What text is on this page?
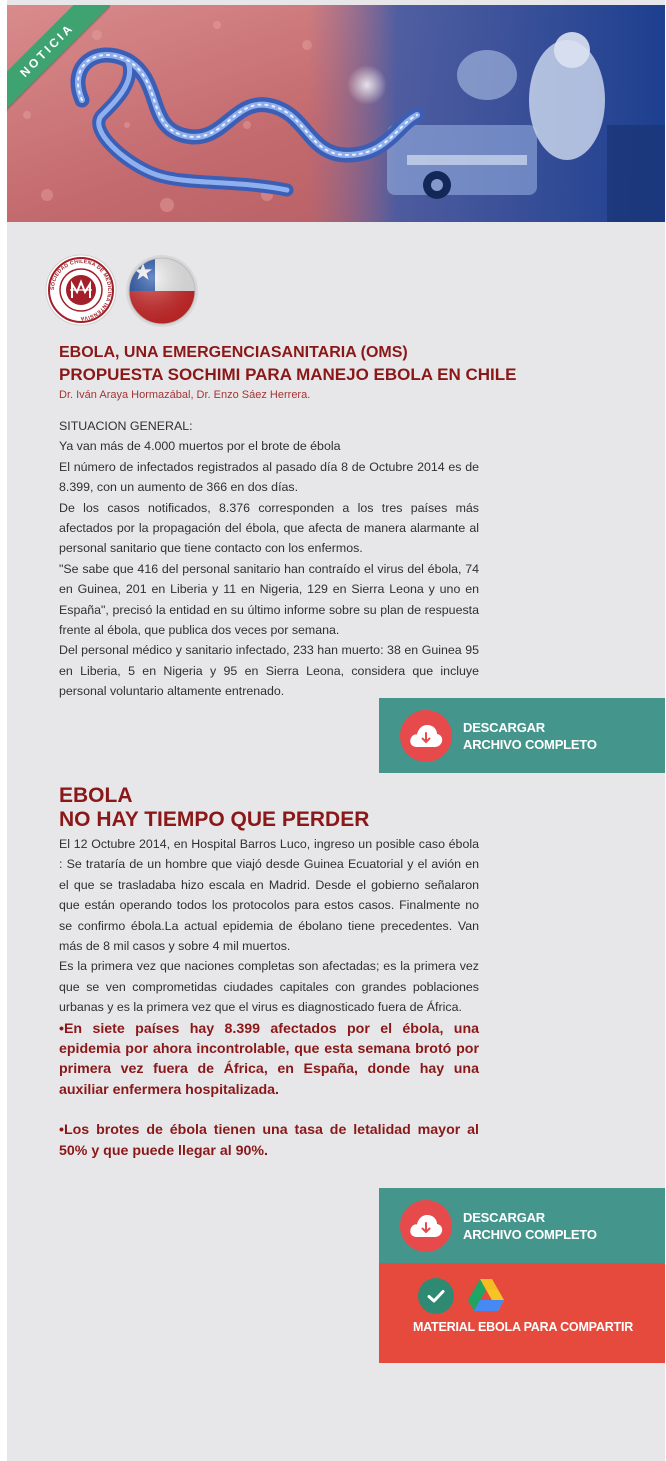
NOTICIA
SOCIEDAD CHILENA DE MEDICINA INTENSIVA
EBOLA, UNA EMERGENCIASANITARIA (OMS)
PROPUESTA SOCHIMI PARA MANEJO EBOLA EN CHILE
Dr. Iván Araya Hormazábal, Dr. Enzo Sáez Herrera.

SITUACION GENERAL:

Ya van más de 4.000 muertos por el brote de ébola

El número de infectados registrados al pasado día 8 de Octubre 2014 es de 8.399, con un aumento de 366 en dos días.

De los casos notificados, 8.376 corresponden a los tres países más afectados por la propagación del ébola, que afecta de manera alarmante al personal sanitario que tiene contacto con los enfermos.

"Se sabe que 416 del personal sanitario han contraído el virus del ébola, 74 en Guinea, 201 en Liberia y 11 en Nigeria, 129 en Sierra Leona y uno en España", precisó la entidad en su último informe sobre su plan de respuesta frente al ébola, que publica dos veces por semana.

Del personal médico y sanitario infectado, 233 han muerto: 38 en Guinea 95 en Liberia, 5 en Nigeria y 95 en Sierra Leona, considera que incluye personal voluntario altamente entrenado.

DESCARGAR
ARCHIVO COMPLETO
EBOLA
NO HAY TIEMPO QUE PERDER

El 12 Octubre 2014, en Hospital Barros Luco, ingreso un posible caso ébola : Se trataría de un hombre que viajó desde Guinea Ecuatorial y el avión en el que se trasladaba hizo escala en Madrid. Desde el gobierno señalaron que están operando todos los protocolos para estos casos. Finalmente no se confirmo ébola.La actual epidemia de ébolano tiene precedentes. Van más de 8 mil casos y sobre 4 mil muertos.

Es la primera vez que naciones completas son afectadas; es la primera vez que se ven comprometidas ciudades capitales con grandes poblaciones urbanas y es la primera vez que el virus es diagnosticado fuera de África.

•En siete países hay 8.399 afectados por el ébola, una epidemia por ahora incontrolable, que esta semana brotó por primera vez fuera de África, en España, donde hay una auxiliar enfermera hospitalizada.

•Los brotes de ébola tienen una tasa de letalidad mayor al 50% y que puede llegar al 90%.

DESCARGAR
ARCHIVO COMPLETO
MATERIAL EBOLA PARA COMPARTIR
